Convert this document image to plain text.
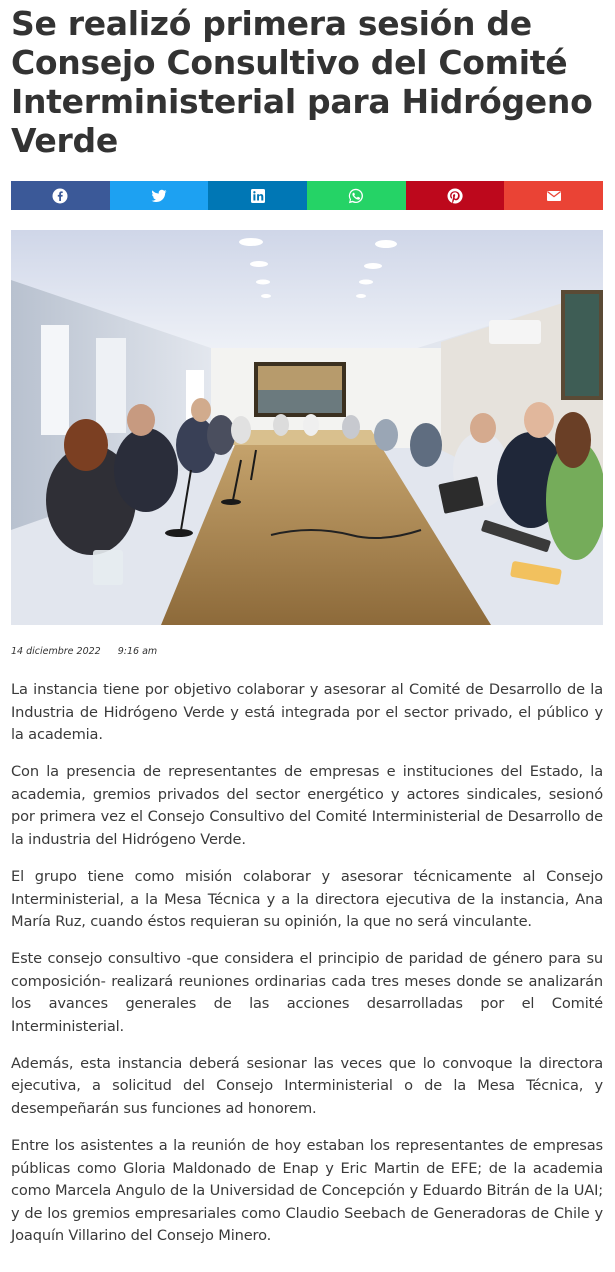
Se realizó primera sesión de Consejo Consultivo del Comité Interministerial para Hidrógeno Verde
14 diciembre 2022 9:16 am

La instancia tiene por objetivo colaborar y asesorar al Comité de Desarrollo de la Industria de Hidrógeno Verde y está integrada por el sector privado, el público y la academia.

Con la presencia de representantes de empresas e instituciones del Estado, la academia, gremios privados del sector energético y actores sindicales, sesionó por primera vez el Consejo Consultivo del Comité Interministerial de Desarrollo de la industria del Hidrógeno Verde.

El grupo tiene como misión colaborar y asesorar técnicamente al Consejo Interministerial, a la Mesa Técnica y a la directora ejecutiva de la instancia, Ana María Ruz, cuando éstos requieran su opinión, la que no será vinculante.

Este consejo consultivo -que considera el principio de paridad de género para su composición- realizará reuniones ordinarias cada tres meses donde se analizarán los avances generales de las acciones desarrolladas por el Comité Interministerial.

Además, esta instancia deberá sesionar las veces que lo convoque la directora ejecutiva, a solicitud del Consejo Interministerial o de la Mesa Técnica, y desempeñarán sus funciones ad honorem.

Entre los asistentes a la reunión de hoy estaban los representantes de empresas públicas como Gloria Maldonado de Enap y Eric Martin de EFE; de la academia como Marcela Angulo de la Universidad de Concepción y Eduardo Bitrán de la UAI; y de los gremios empresariales como Claudio Seebach de Generadoras de Chile y Joaquín Villarino del Consejo Minero.
